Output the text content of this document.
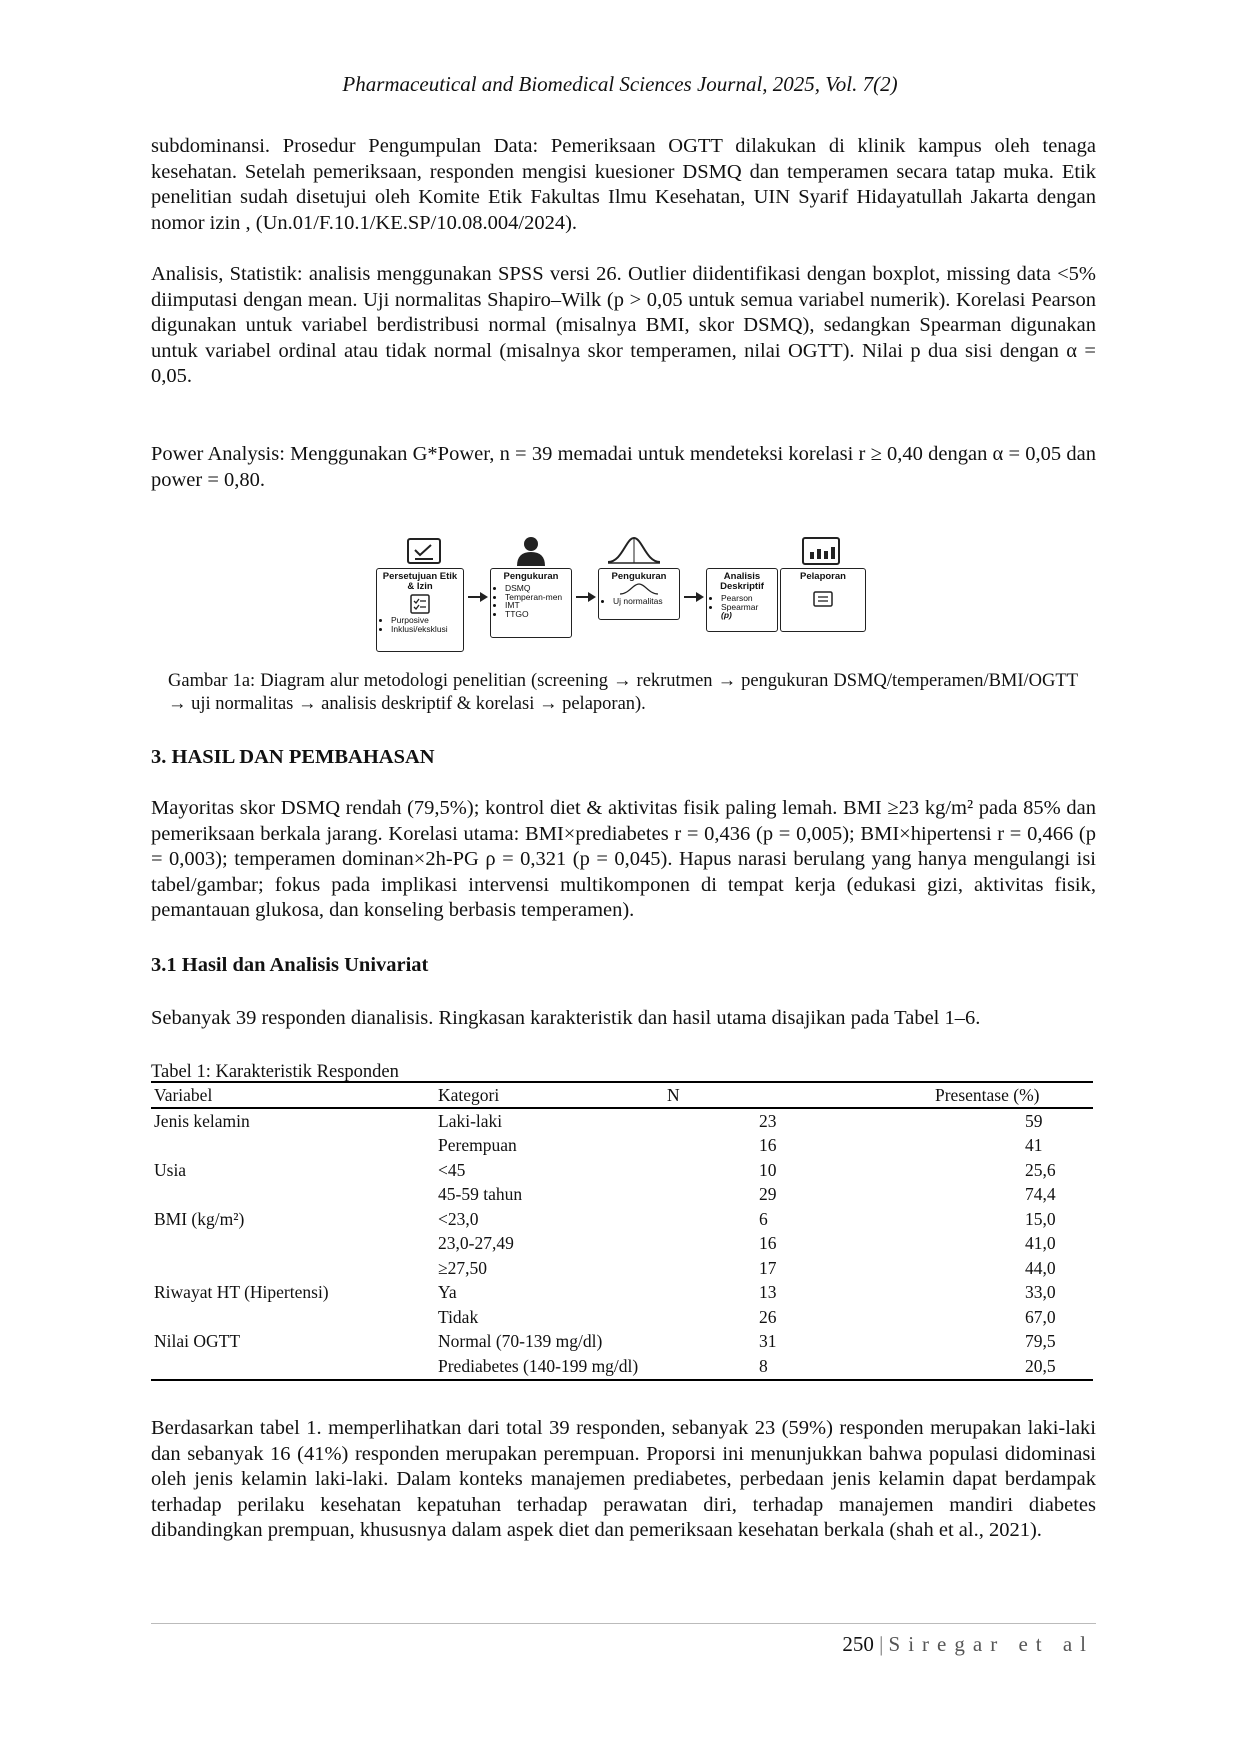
Pharmaceutical and Biomedical Sciences Journal, 2025, Vol. 7(2)

subdominansi. Prosedur Pengumpulan Data: Pemeriksaan OGTT dilakukan di klinik kampus oleh tenaga kesehatan. Setelah pemeriksaan, responden mengisi kuesioner DSMQ dan temperamen secara tatap muka. Etik penelitian sudah disetujui oleh Komite Etik Fakultas Ilmu Kesehatan, UIN Syarif Hidayatullah Jakarta dengan nomor izin , (Un.01/F.10.1/KE.SP/10.08.004/2024).

Analisis, Statistik: analisis menggunakan SPSS versi 26. Outlier diidentifikasi dengan boxplot, missing data <5% diimputasi dengan mean. Uji normalitas Shapiro–Wilk (p > 0,05 untuk semua variabel numerik). Korelasi Pearson digunakan untuk variabel berdistribusi normal (misalnya BMI, skor DSMQ), sedangkan Spearman digunakan untuk variabel ordinal atau tidak normal (misalnya skor temperamen, nilai OGTT). Nilai p dua sisi dengan α = 0,05.

Power Analysis: Menggunakan G*Power, n = 39 memadai untuk mendeteksi korelasi r ≥ 0,40 dengan α = 0,05 dan power = 0,80.

Persetujuan Etik & Izin
• Purposive
• Inklusi/eksklusi
Pengukuran
• DSMQ
• Temperan-men
• IMT
• TTGO
Pengukuran
• Uj normalitas
Analisis Deskriptif
• Pearson
• Spearmar
(p)
Pelaporan

Gambar 1a: Diagram alur metodologi penelitian (screening → rekrutmen → pengukuran DSMQ/temperamen/BMI/OGTT → uji normalitas → analisis deskriptif & korelasi → pelaporan).

3. HASIL DAN PEMBAHASAN

Mayoritas skor DSMQ rendah (79,5%); kontrol diet & aktivitas fisik paling lemah. BMI ≥23 kg/m² pada 85% dan pemeriksaan berkala jarang. Korelasi utama: BMI×prediabetes r = 0,436 (p = 0,005); BMI×hipertensi r = 0,466 (p = 0,003); temperamen dominan×2h-PG ρ = 0,321 (p = 0,045). Hapus narasi berulang yang hanya mengulangi isi tabel/gambar; fokus pada implikasi intervensi multikomponen di tempat kerja (edukasi gizi, aktivitas fisik, pemantauan glukosa, dan konseling berbasis temperamen).

3.1 Hasil dan Analisis Univariat

Sebanyak 39 responden dianalisis. Ringkasan karakteristik dan hasil utama disajikan pada Tabel 1–6.

Tabel 1: Karakteristik Responden
Variabel	Kategori	N	Presentase (%)
Jenis kelamin	Laki-laki	23	59
	Perempuan	16	41
Usia	<45	10	25,6
	45-59 tahun	29	74,4
BMI (kg/m²)	<23,0	6	15,0
	23,0-27,49	16	41,0
	≥27,50	17	44,0
Riwayat HT (Hipertensi)	Ya	13	33,0
	Tidak	26	67,0
Nilai OGTT	Normal (70-139 mg/dl)	31	79,5
	Prediabetes (140-199 mg/dl)	8	20,5

Berdasarkan tabel 1. memperlihatkan dari total 39 responden, sebanyak 23 (59%) responden merupakan laki-laki dan sebanyak 16 (41%) responden merupakan perempuan. Proporsi ini menunjukkan bahwa populasi didominasi oleh jenis kelamin laki-laki. Dalam konteks manajemen prediabetes, perbedaan jenis kelamin dapat berdampak terhadap perilaku kesehatan kepatuhan terhadap perawatan diri, terhadap manajemen mandiri diabetes dibandingkan prempuan, khususnya dalam aspek diet dan pemeriksaan kesehatan berkala (shah et al., 2021).

250 | Siregar et al
